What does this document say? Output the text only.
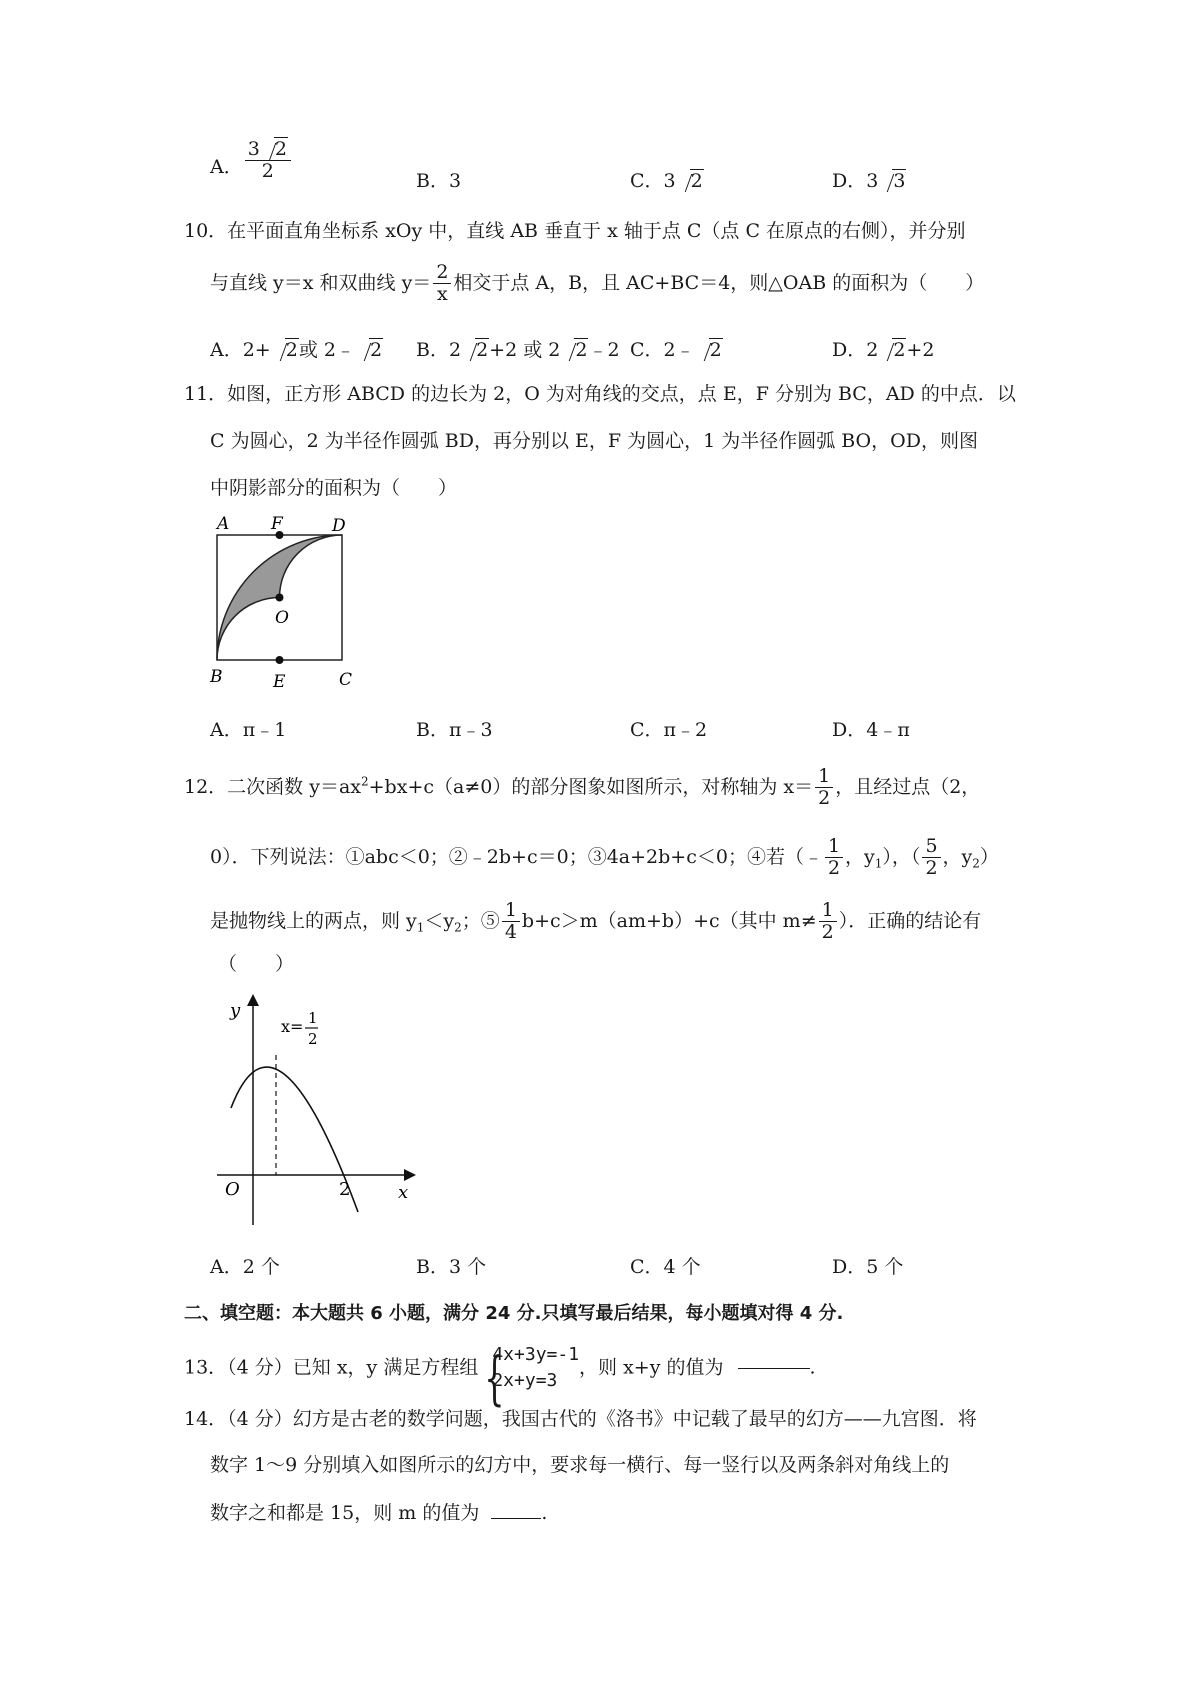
A． $\frac{3 2}{2}$	B．3	C．3 2	D．3 3
10．在平面直角坐标系 xOy 中，直线 AB 垂直于 x 轴于点 C（点 C 在原点的右侧），并分别
与直线 y＝x 和双曲线 $y= \frac{2}{x}$ 相交于点 A，B，且 AC+BC＝4，则△OAB 的面积为（　　）
A．2+ 2或 2﹣ 2 B．2 2+2 或 2 2﹣2 C．2﹣ 2	D．2 2+2
11．如图，正方形 ABCD 的边长为 2，O 为对角线的交点，点 E，F 分别为 BC，AD 的中点．以
C 为圆心，2 为半径作圆弧 BD，再分别以 E，F 为圆心，1 为半径作圆弧 BO，OD，则图
中阴影部分的面积为（　　）
A F	D
O
B	E	C
A．π﹣1	B．π﹣3	C．π﹣2	D．4﹣π
12．二次函数 $y=ax^2+bx+c(a\ne 0)$的部分图象如图所示，对称轴为 $x= \frac{1}{2}$ ，且经过点（2，
0）．下列说法：①abc＜0；②﹣2b+c＝0；③4a+2b+c＜0；④若（﹣ $\frac{1}{2}$ ，$y_1$），（ $\frac{5}{2}$ ，$y_2$）
是抛物线上的两点，则 $y_1<y_2$；⑤ $\frac{1}{4} b+c>m(am+b)+c$（其中 $m\ne \frac{1}{2}$ ）．正确的结论有
（　　）
y
x
O	2
x= 1
2
A．2 个	B．3 个	C．4 个	D．5 个
二、填空题：本大题共 6 小题，满分 24 分.只填写最后结果，每小题填对得 4 分.
13．（4 分）已知 x，y 满足方程组
{ 4x+3y=-1
2x+y=3
，则 x+y 的值为	.
14．（4 分）幻方是古老的数学问题，我国古代的《洛书》中记载了最早的幻方——九宫图．将
数字 1～9 分别填入如图所示的幻方中，要求每一横行、每一竖行以及两条斜对角线上的
数字之和都是 15，则 m 的值为	.
